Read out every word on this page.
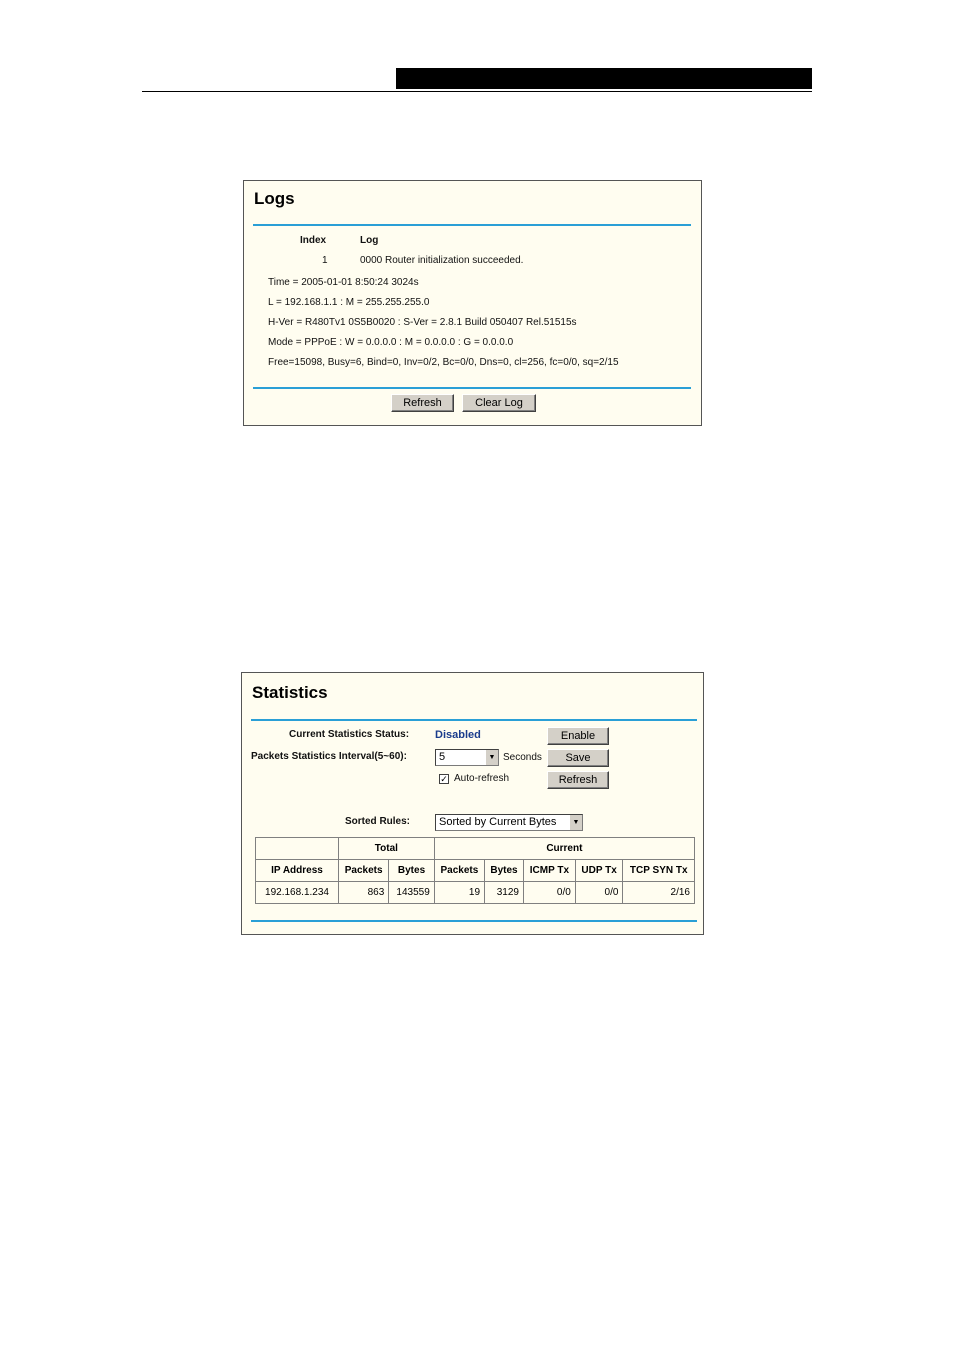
Logs
Index	Log
1	0000 Router initialization succeeded.
Time = 2005-01-01 8:50:24 3024s
L = 192.168.1.1 : M = 255.255.255.0
H-Ver = R480Tv1 0S5B0020 : S-Ver = 2.8.1 Build 050407 Rel.51515s
Mode = PPPoE : W = 0.0.0.0 : M = 0.0.0.0 : G = 0.0.0.0
Free=15098, Busy=6, Bind=0, Inv=0/2, Bc=0/0, Dns=0, cl=256, fc=0/0, sq=2/15
Refresh	Clear Log
Statistics
Current Statistics Status: Disabled	Enable
Packets Statistics Interval(5~60):	5	▼ Seconds	Save
✓ Auto-refresh	Refresh
Sorted Rules:	Sorted by Current Bytes	▼
	Total		Current				
IP Address	Packets	Bytes	Packets	Bytes	ICMP Tx	UDP Tx	TCP SYN Tx
192.168.1.234	863	143559	19	3129	0/0	0/0	2/16
